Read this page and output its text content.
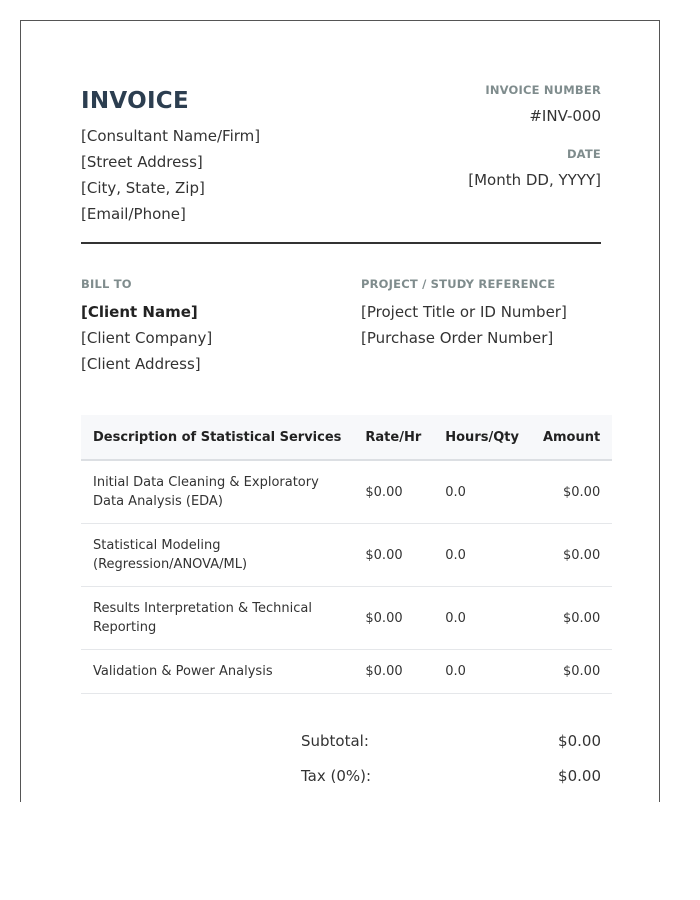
INVOICE
[Consultant Name/Firm]
[Street Address]
[City, State, Zip]
[Email/Phone]
INVOICE NUMBER
#INV-000
DATE
[Month DD, YYYY]
BILL TO
[Client Name]
[Client Company]
[Client Address]
PROJECT / STUDY REFERENCE
[Project Title or ID Number]
[Purchase Order Number]
Description of Statistical Services	Rate/Hr	Hours/Qty	Amount
Initial Data Cleaning & Exploratory Data Analysis (EDA)	$0.00	0.0	$0.00
Statistical Modeling (Regression/ANOVA/ML)	$0.00	0.0	$0.00
Results Interpretation & Technical Reporting	$0.00	0.0	$0.00
Validation & Power Analysis	$0.00	0.0	$0.00
Subtotal:	$0.00
Tax (0%):	$0.00
